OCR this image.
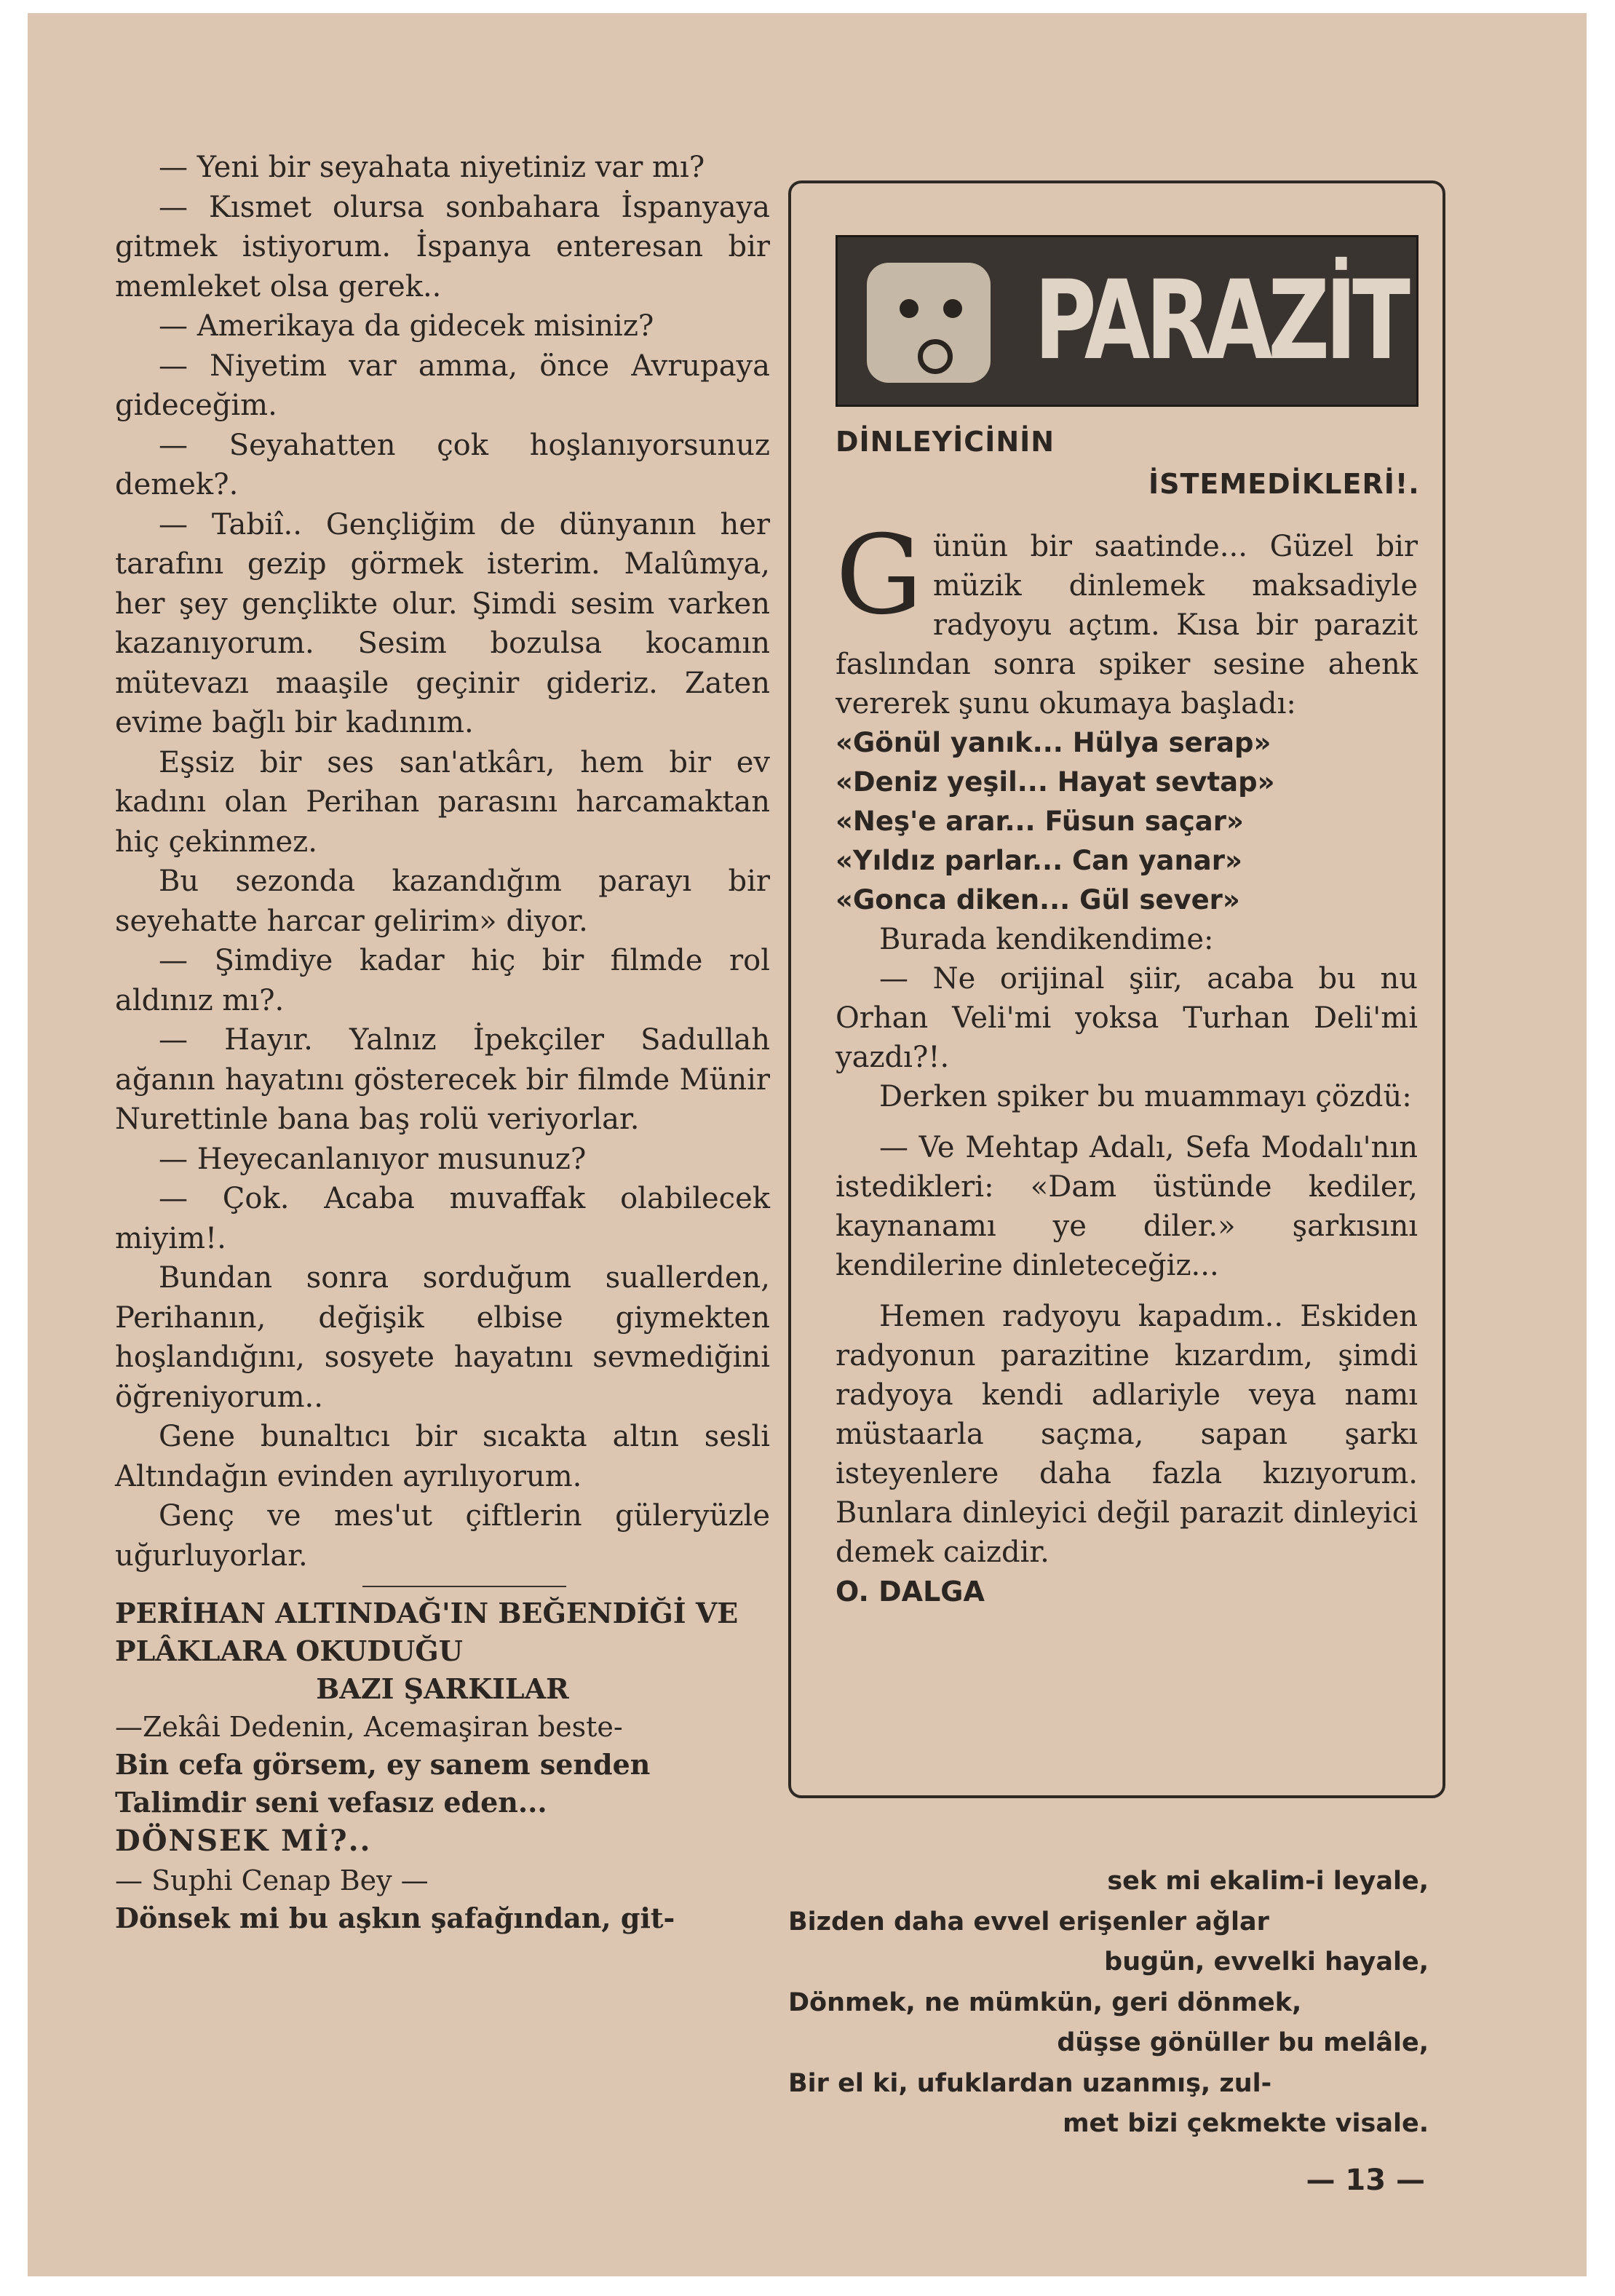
— Yeni bir seyahata niyetiniz var mı?

— Kısmet olursa sonbahara İspanyaya gitmek istiyorum. İspanya enteresan bir memleket olsa gerek..

— Amerikaya da gidecek misiniz?

— Niyetim var amma, önce Avrupaya gideceğim.

— Seyahatten çok hoşlanıyorsunuz demek?.

— Tabiî.. Gençliğim de dünyanın her tarafını gezip görmek isterim. Malûmya, her şey gençlikte olur. Şimdi sesim varken kazanıyorum. Sesim bozulsa kocamın mütevazı maaşile geçinir gideriz. Zaten evime bağlı bir kadınım.

Eşsiz bir ses san'atkârı, hem bir ev kadını olan Perihan parasını harcamaktan hiç çekinmez.

Bu sezonda kazandığım parayı bir seyehatte harcar gelirim» diyor.

— Şimdiye kadar hiç bir filmde rol aldınız mı?.

— Hayır. Yalnız İpekçiler Sadullah ağanın hayatını gösterecek bir filmde Münir Nurettinle bana baş rolü veriyorlar.

— Heyecanlanıyor musunuz?

— Çok. Acaba muvaffak olabilecek miyim!.

Bundan sonra sorduğum suallerden, Perihanın, değişik elbise giymekten hoşlandığını, sosyete hayatını sevmediğini öğreniyorum..

Gene bunaltıcı bir sıcakta altın sesli Altındağın evinden ayrılıyorum.

Genç ve mes'ut çiftlerin güleryüzle uğurluyorlar.

PERİHAN ALTINDAĞ'IN BEĞENDİĞİ VE PLÂKLARA OKUDUĞU
BAZI ŞARKILAR

—Zekâi Dedenin, Acemaşiran beste-

Bin cefa görsem, ey sanem senden

Talimdir seni vefasız eden...

DÖNSEK Mİ?..

— Suphi Cenap Bey —

Dönsek mi bu aşkın şafağından, git-

PARAZİT
DİNLEYİCİNİN
İSTEMEDİKLERİ!.

Günün bir saatinde... Güzel bir müzik dinlemek maksadiyle radyoyu açtım. Kısa bir parazit faslından sonra spiker sesine ahenk vererek şunu okumaya başladı:

«Gönül yanık... Hülya serap»

«Deniz yeşil... Hayat sevtap»

«Neş'e arar... Füsun saçar»

«Yıldız parlar... Can yanar»

«Gonca diken... Gül sever»

Burada kendikendime:

— Ne orijinal şiir, acaba bu nu Orhan Veli'mi yoksa Turhan Deli'mi yazdı?!.

Derken spiker bu muammayı çözdü:

— Ve Mehtap Adalı, Sefa Modalı'nın istedikleri: «Dam üstünde kediler, kaynanamı ye diler.» şarkısını kendilerine dinleteceğiz...

Hemen radyoyu kapadım.. Eskiden radyonun parazitine kızardım, şimdi radyoya kendi adlariyle veya namı müstaarla saçma, sapan şarkı isteyenlere daha fazla kızıyorum. Bunlara dinleyici değil parazit dinleyici demek caizdir.

O. DALGA

sek mi ekalim-i leyale,
Bizden daha evvel erişenler ağlar
bugün, evvelki hayale,
Dönmek, ne mümkün, geri dönmek,
düşse gönüller bu melâle,
Bir el ki, ufuklardan uzanmış, zul-
met bizi çekmekte visale.
— 13 —
